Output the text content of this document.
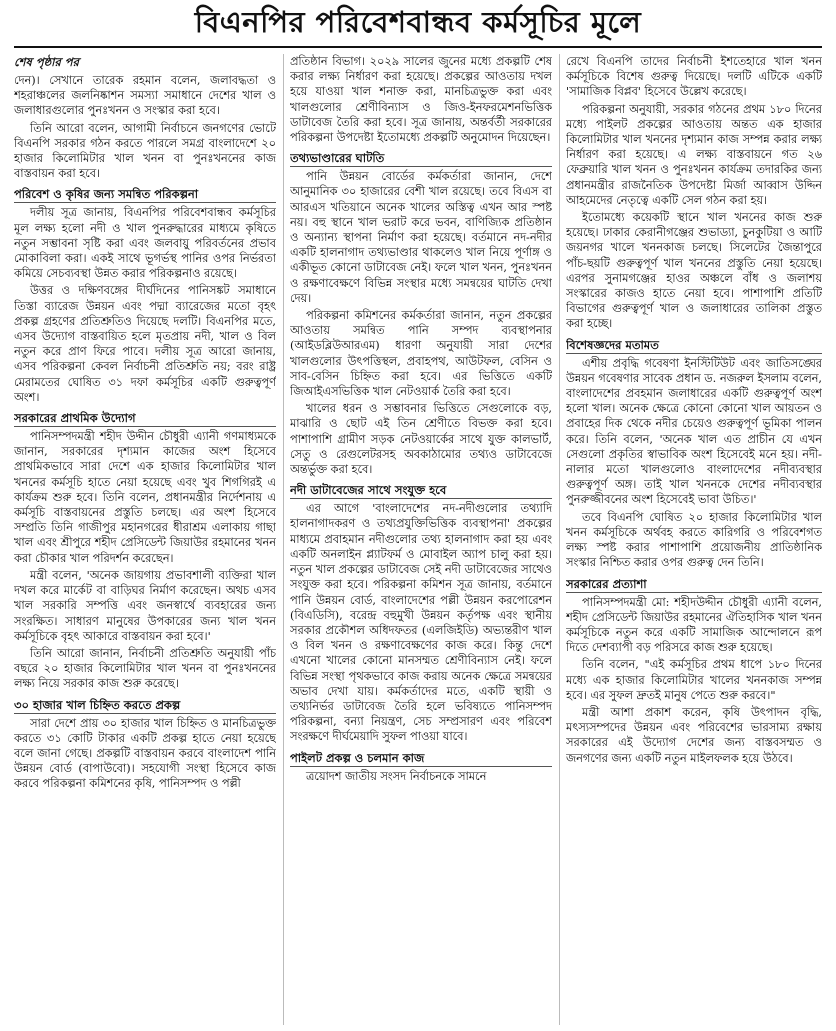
বিএনপির পরিবেশবান্ধব কর্মসূচির মূলে
শেষ পৃষ্ঠার পর

দেন)। সেখানে তারেক রহমান বলেন, জলাবদ্ধতা ও শহরাঞ্চলের জলনিষ্কাশন সমস্যা সমাধানে দেশের খাল ও জলাধারগুলোর পুনঃখনন ও সংস্কার করা হবে।

তিনি আরো বলেন, আগামী নির্বাচনে জনগণের ভোটে বিএনপি সরকার গঠন করতে পারলে সমগ্র বাংলাদেশে ২০ হাজার কিলোমিটার খাল খনন বা পুনঃখননের কাজ বাস্তবায়ন করা হবে।

পরিবেশ ও কৃষির জন্য সমন্বিত পরিকল্পনা

দলীয় সূত্র জানায়, বিএনপির পরিবেশবান্ধব কর্মসূচির মূল লক্ষ্য হলো নদী ও খাল পুনরুদ্ধারের মাধ্যমে কৃষিতে নতুন সম্ভাবনা সৃষ্টি করা এবং জলবায়ু পরিবর্তনের প্রভাব মোকাবিলা করা। একই সাথে ভূগর্ভস্থ পানির ওপর নির্ভরতা কমিয়ে সেচব্যবস্থা উন্নত করার পরিকল্পনাও রয়েছে।

উত্তর ও দক্ষিণবঙ্গের দীর্ঘদিনের পানিসঙ্কট সমাধানে তিস্তা ব্যারেজ উন্নয়ন এবং পদ্মা ব্যারেজের মতো বৃহৎ প্রকল্প গ্রহণের প্রতিশ্রুতিও দিয়েছে দলটি। বিএনপির মতে, এসব উদ্যোগ বাস্তবায়িত হলে মৃতপ্রায় নদী, খাল ও বিল নতুন করে প্রাণ ফিরে পাবে। দলীয় সূত্র আরো জানায়, এসব পরিকল্পনা কেবল নির্বাচনী প্রতিশ্রুতি নয়; বরং রাষ্ট্র মেরামতের ঘোষিত ৩১ দফা কর্মসূচির একটি গুরুত্বপূর্ণ অংশ।

সরকারের প্রাথমিক উদ্যোগ

পানিসম্পদমন্ত্রী শহীদ উদ্দীন চৌধুরী এ্যানী গণমাধ্যমকে জানান, সরকারের দৃশ্যমান কাজের অংশ হিসেবে প্রাথমিকভাবে সারা দেশে এক হাজার কিলোমিটার খাল খননের কর্মসূচি হাতে নেয়া হয়েছে এবং খুব শিগগিরই এ কার্যক্রম শুরু হবে। তিনি বলেন, প্রধানমন্ত্রীর নির্দেশনায় এ কর্মসূচি বাস্তবায়নের প্রস্তুতি চলছে। এর অংশ হিসেবে সম্প্রতি তিনি গাজীপুর মহানগরের ধীরাশ্রম এলাকায় গাছা খাল এবং শ্রীপুরে শহীদ প্রেসিডেন্ট জিয়াউর রহমানের খনন করা চৌকার খাল পরিদর্শন করেছেন।

মন্ত্রী বলেন, 'অনেক জায়গায় প্রভাবশালী ব্যক্তিরা খাল দখল করে মার্কেট বা বাড়িঘর নির্মাণ করেছেন। অথচ এসব খাল সরকারি সম্পত্তি এবং জনস্বার্থে ব্যবহারের জন্য সংরক্ষিত। সাধারণ মানুষের উপকারের জন্য খাল খনন কর্মসূচিকে বৃহৎ আকারে বাস্তবায়ন করা হবে।'

তিনি আরো জানান, নির্বাচনী প্রতিশ্রুতি অনুযায়ী পাঁচ বছরে ২০ হাজার কিলোমিটার খাল খনন বা পুনঃখননের লক্ষ্য নিয়ে সরকার কাজ শুরু করেছে।

৩০ হাজার খাল চিহ্নিত করতে প্রকল্প

সারা দেশে প্রায় ৩০ হাজার খাল চিহ্নিত ও মানচিত্রভুক্ত করতে ৩১ কোটি টাকার একটি প্রকল্প হাতে নেয়া হয়েছে বলে জানা গেছে। প্রকল্পটি বাস্তবায়ন করবে বাংলাদেশ পানি উন্নয়ন বোর্ড (বাপাউবো)। সহযোগী সংস্থা হিসেবে কাজ করবে পরিকল্পনা কমিশনের কৃষি, পানিসম্পদ ও পল্লী

প্রতিষ্ঠান বিভাগ। ২০২৯ সালের জুনের মধ্যে প্রকল্পটি শেষ করার লক্ষ্য নির্ধারণ করা হয়েছে। প্রকল্পের আওতায় দখল হয়ে যাওয়া খাল শনাক্ত করা, মানচিত্রভুক্ত করা এবং খালগুলোর শ্রেণীবিন্যাস ও জিও-ইনফরমেশনভিত্তিক ডাটাবেজ তৈরি করা হবে। সূত্র জানায়, অন্তর্বর্তী সরকারের পরিকল্পনা উপদেষ্টা ইতোমধ্যে প্রকল্পটি অনুমোদন দিয়েছেন।

তথ্যভাণ্ডারের ঘাটতি

পানি উন্নয়ন বোর্ডের কর্মকর্তারা জানান, দেশে আনুমানিক ৩০ হাজারের বেশী খাল রয়েছে। তবে বিএস বা আরএস খতিয়ানে অনেক খালের অস্তিত্ব এখন আর স্পষ্ট নয়। বহু স্থানে খাল ভরাট করে ভবন, বাণিজ্যিক প্রতিষ্ঠান ও অন্যান্য স্থাপনা নির্মাণ করা হয়েছে। বর্তমানে নদ-নদীর একটি হালনাগাদ তথ্যভাণ্ডার থাকলেও খাল নিয়ে পূর্ণাঙ্গ ও একীভূত কোনো ডাটাবেজ নেই। ফলে খাল খনন, পুনঃখনন ও রক্ষণাবেক্ষণে বিভিন্ন সংস্থার মধ্যে সমন্বয়ের ঘাটতি দেখা দেয়।

পরিকল্পনা কমিশনের কর্মকর্তারা জানান, নতুন প্রকল্পের আওতায় সমন্বিত পানি সম্পদ ব্যবস্থাপনার (আইডব্লিউআরএম) ধারণা অনুযায়ী সারা দেশের খালগুলোর উৎপত্তিস্থল, প্রবাহপথ, আউটফল, বেসিন ও সাব-বেসিন চিহ্নিত করা হবে। এর ভিত্তিতে একটি জিআইএসভিত্তিক খাল নেটওয়ার্ক তৈরি করা হবে।

খালের ধরন ও সম্ভাবনার ভিত্তিতে সেগুলোকে বড়, মাঝারি ও ছোট এই তিন শ্রেণীতে বিভক্ত করা হবে। পাশাপাশি গ্রামীণ সড়ক নেটওয়ার্কের সাথে যুক্ত কালভার্ট, সেতু ও রেগুলেটরসহ অবকাঠামোর তথ্যও ডাটাবেজে অন্তর্ভুক্ত করা হবে।

নদী ডাটাবেজের সাথে সংযুক্ত হবে

এর আগে 'বাংলাদেশের নদ-নদীগুলোর তথ্যাদি হালনাগাদকরণ ও তথ্যপ্রযুক্তিভিত্তিক ব্যবস্থাপনা' প্রকল্পের মাধ্যমে প্রবাহমান নদীগুলোর তথ্য হালনাগাদ করা হয় এবং একটি অনলাইন প্ল্যাটফর্ম ও মোবাইল অ্যাপ চালু করা হয়। নতুন খাল প্রকল্পের ডাটাবেজ সেই নদী ডাটাবেজের সাথেও সংযুক্ত করা হবে। পরিকল্পনা কমিশন সূত্র জানায়, বর্তমানে পানি উন্নয়ন বোর্ড, বাংলাদেশের পল্লী উন্নয়ন করপোরেশন (বিএডিসি), বরেন্দ্র বহুমুখী উন্নয়ন কর্তৃপক্ষ এবং স্থানীয় সরকার প্রকৌশল অধিদফতর (এলজিইডি) অভ্যন্তরীণ খাল ও বিল খনন ও রক্ষণাবেক্ষণের কাজ করে। কিন্তু দেশে এখনো খালের কোনো মানসম্মত শ্রেণীবিন্যাস নেই। ফলে বিভিন্ন সংস্থা পৃথকভাবে কাজ করায় অনেক ক্ষেত্রে সমন্বয়ের অভাব দেখা যায়। কর্মকর্তাদের মতে, একটি স্থায়ী ও তথ্যনির্ভর ডাটাবেজ তৈরি হলে ভবিষ্যতে পানিসম্পদ পরিকল্পনা, বন্যা নিয়ন্ত্রণ, সেচ সম্প্রসারণ এবং পরিবেশ সংরক্ষণে দীর্ঘমেয়াদি সুফল পাওয়া যাবে।

পাইলট প্রকল্প ও চলমান কাজ

ত্রয়োদশ জাতীয় সংসদ নির্বাচনকে সামনে

রেখে বিএনপি তাদের নির্বাচনী ইশতেহারে খাল খনন কর্মসূচিকে বিশেষ গুরুত্ব দিয়েছে। দলটি এটিকে একটি 'সামাজিক বিপ্লব' হিসেবে উল্লেখ করেছে।

পরিকল্পনা অনুযায়ী, সরকার গঠনের প্রথম ১৮০ দিনের মধ্যে পাইলট প্রকল্পের আওতায় অন্তত এক হাজার কিলোমিটার খাল খননের দৃশ্যমান কাজ সম্পন্ন করার লক্ষ্য নির্ধারণ করা হয়েছে। এ লক্ষ্য বাস্তবায়নে গত ২৬ ফেব্রুয়ারি খাল খনন ও পুনঃখনন কার্যক্রম তদারকির জন্য প্রধানমন্ত্রীর রাজনৈতিক উপদেষ্টা মির্জা আব্বাস উদ্দিন আহমেদের নেতৃত্বে একটি সেল গঠন করা হয়।

ইতোমধ্যে কয়েকটি স্থানে খাল খননের কাজ শুরু হয়েছে। ঢাকার কেরানীগঞ্জের শুভাড্যা, চুনকুটিয়া ও আটি জয়নগর খালে খননকাজ চলছে। সিলেটের জৈন্তাপুরে পাঁচ-ছয়টি গুরুত্বপূর্ণ খাল খননের প্রস্তুতি নেয়া হয়েছে। এরপর সুনামগঞ্জের হাওর অঞ্চলে বাঁধ ও জলাশয় সংস্কারের কাজও হাতে নেয়া হবে। পাশাপাশি প্রতিটি বিভাগের গুরুত্বপূর্ণ খাল ও জলাধারের তালিকা প্রস্তুত করা হচ্ছে।

বিশেষজ্ঞদের মতামত

এশীয় প্রবৃদ্ধি গবেষণা ইনস্টিটিউট এবং জাতিসঙ্ঘের উন্নয়ন গবেষণার সাবেক প্রধান ড. নজরুল ইসলাম বলেন, বাংলাদেশের প্রবহমান জলাধারের একটি গুরুত্বপূর্ণ অংশ হলো খাল। অনেক ক্ষেত্রে কোনো কোনো খাল আয়তন ও প্রবাহের দিক থেকে নদীর চেয়েও গুরুত্বপূর্ণ ভূমিকা পালন করে। তিনি বলেন, 'অনেক খাল এত প্রাচীন যে এখন সেগুলো প্রকৃতির স্বাভাবিক অংশ হিসেবেই মনে হয়। নদী-নালার মতো খালগুলোও বাংলাদেশের নদীব্যবস্থার গুরুত্বপূর্ণ অঙ্গ। তাই খাল খননকে দেশের নদীব্যবস্থার পুনরুজ্জীবনের অংশ হিসেবেই ভাবা উচিত।'

তবে বিএনপি ঘোষিত ২০ হাজার কিলোমিটার খাল খনন কর্মসূচিকে অর্থবহ করতে কারিগরি ও পরিবেশগত লক্ষ্য স্পষ্ট করার পাশাপাশি প্রয়োজনীয় প্রাতিষ্ঠানিক সংস্কার নিশ্চিত করার ওপর গুরুত্ব দেন তিনি।

সরকারের প্রত্যাশা

পানিসম্পদমন্ত্রী মো: শহীদউদ্দীন চৌধুরী এ্যানী বলেন, শহীদ প্রেসিডেন্ট জিয়াউর রহমানের ঐতিহাসিক খাল খনন কর্মসূচিকে নতুন করে একটি সামাজিক আন্দোলনে রূপ দিতে দেশব্যাপী বড় পরিসরে কাজ শুরু হয়েছে।

তিনি বলেন, "এই কর্মসূচির প্রথম ধাপে ১৮০ দিনের মধ্যে এক হাজার কিলোমিটার খালের খননকাজ সম্পন্ন হবে। এর সুফল দ্রুতই মানুষ পেতে শুরু করবে।"

মন্ত্রী আশা প্রকাশ করেন, কৃষি উৎপাদন বৃদ্ধি, মৎস্যসম্পদের উন্নয়ন এবং পরিবেশের ভারসাম্য রক্ষায় সরকারের এই উদ্যোগ দেশের জন্য বাস্তবসম্মত ও জনগণের জন্য একটি নতুন মাইলফলক হয়ে উঠবে।
